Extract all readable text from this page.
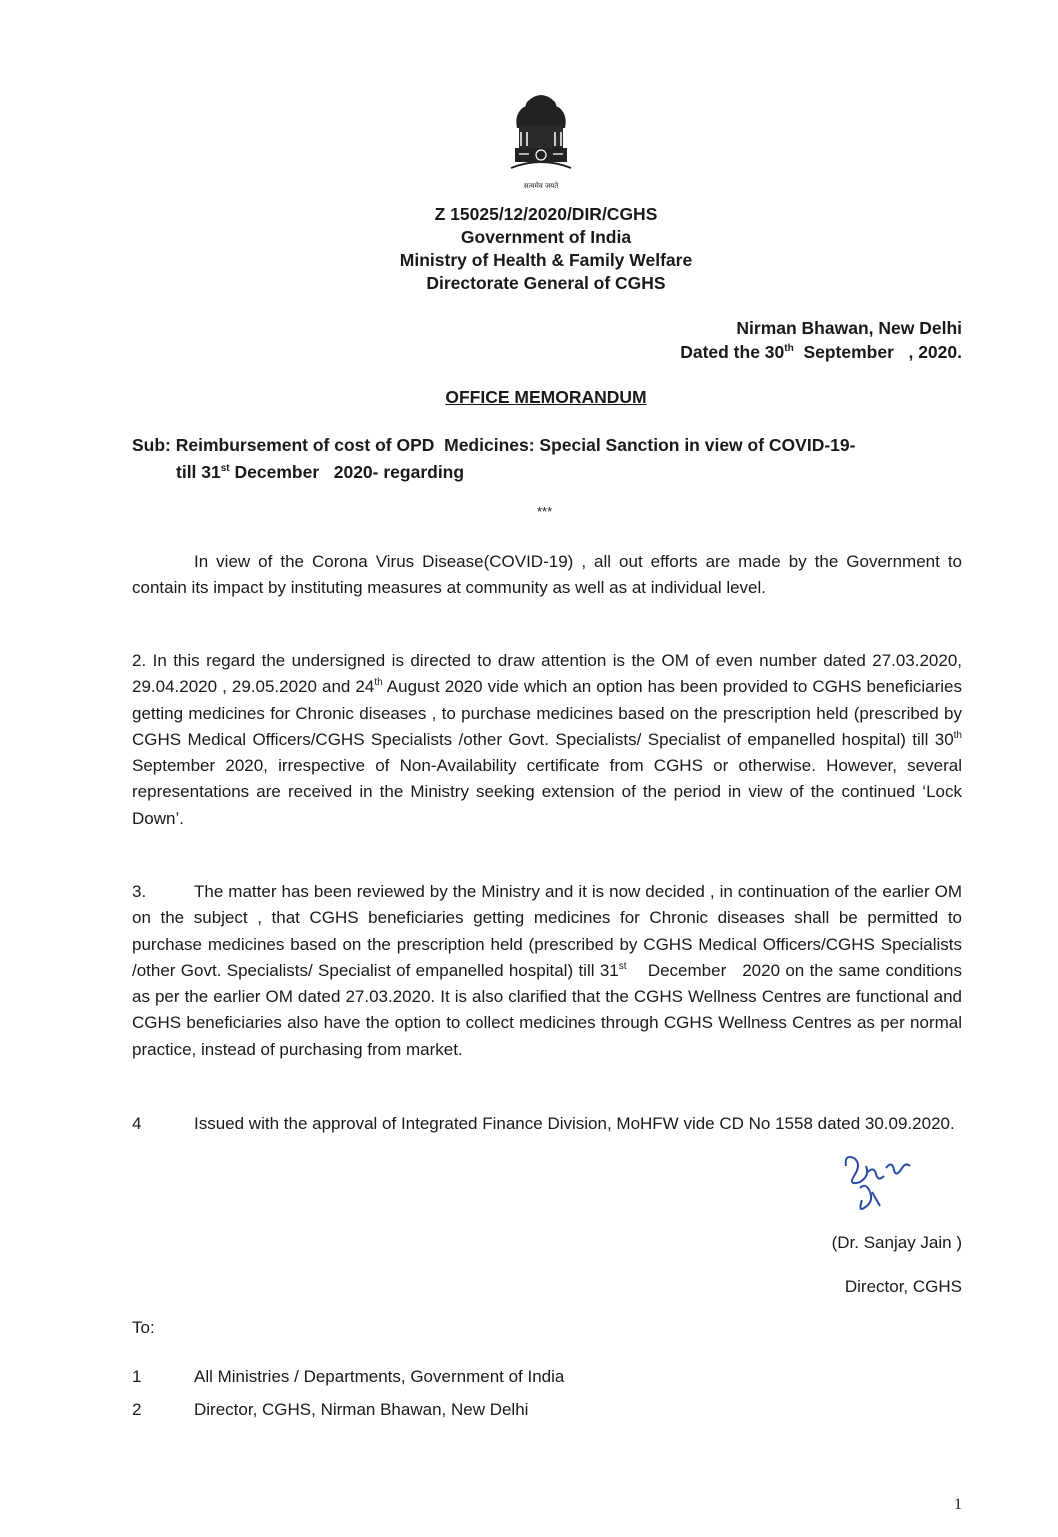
सत्यमेव जयते
Z 15025/12/2020/DIR/CGHS
Government of India
Ministry of Health & Family Welfare
Directorate General of CGHS
Nirman Bhawan, New Delhi
Dated the 30th  September   , 2020.
OFFICE MEMORANDUM
Sub: Reimbursement of cost of OPD  Medicines: Special Sanction in view of COVID-19-
till 31st December   2020- regarding
***
In view of the Corona Virus Disease(COVID-19) , all out efforts are made by the Government to contain its impact by instituting measures at community as well as at individual level.
2. In this regard the undersigned is directed to draw attention is the OM of even number dated 27.03.2020, 29.04.2020 , 29.05.2020 and 24th August 2020 vide which an option has been provided to CGHS beneficiaries getting medicines for Chronic diseases , to purchase medicines based on the prescription held (prescribed by CGHS Medical Officers/CGHS Specialists /other Govt. Specialists/ Specialist of empanelled hospital) till 30th September 2020, irrespective of Non-Availability certificate from CGHS or otherwise. However, several representations are received in the Ministry seeking extension of the period in view of the continued ‘Lock Down’.
3.	The matter has been reviewed by the Ministry and it is now decided , in continuation of the earlier OM on the subject , that CGHS beneficiaries getting medicines for Chronic diseases shall be permitted to purchase medicines based on the prescription held (prescribed by CGHS Medical Officers/CGHS Specialists /other Govt. Specialists/ Specialist of empanelled hospital) till 31st    December   2020 on the same conditions as per the earlier OM dated 27.03.2020. It is also clarified that the CGHS Wellness Centres are functional and CGHS beneficiaries also have the option to collect medicines through CGHS Wellness Centres as per normal practice, instead of purchasing from market.
4	Issued with the approval of Integrated Finance Division, MoHFW vide CD No 1558 dated 30.09.2020.
(Dr. Sanjay Jain )
Director, CGHS
To:
1	All Ministries / Departments, Government of India
2	Director, CGHS, Nirman Bhawan, New Delhi
1
